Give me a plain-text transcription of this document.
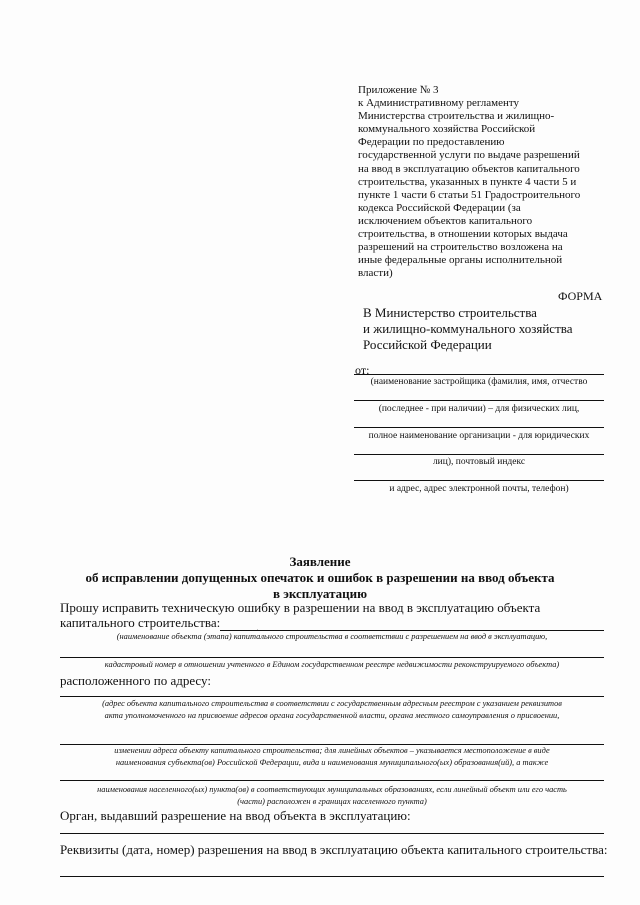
Приложение № 3
к Административному регламенту
Министерства строительства и жилищно-
коммунального хозяйства Российской
Федерации по предоставлению
государственной услуги по выдаче разрешений
на ввод в эксплуатацию объектов капитального
строительства, указанных в пункте 4 части 5 и
пункте 1 части 6 статьи 51 Градостроительного
кодекса Российской Федерации (за
исключением объектов капитального
строительства, в отношении которых выдача
разрешений на строительство возложена на
иные федеральные органы исполнительной
власти)
ФОРМА
В Министерство строительства
и жилищно-коммунального хозяйства
Российской Федерации
от:
(наименование застройщика (фамилия, имя, отчество
(последнее - при наличии) – для физических лиц,
полное наименование организации - для юридических
лиц), почтовый индекс
и адрес, адрес электронной почты, телефон)
Заявление
об исправлении допущенных опечаток и ошибок в разрешении на ввод объекта
в эксплуатацию
Прошу исправить техническую ошибку в разрешении на ввод в эксплуатацию объекта
капитального строительства:	.
(наименование объекта (этапа) капитального строительства в соответствии с разрешением на ввод в эксплуатацию,
кадастровый номер в отношении учтенного в Едином государственном реестре недвижимости реконструируемого объекта)
расположенного по адресу:
(адрес объекта капитального строительства в соответствии с государственным адресным реестром с указанием реквизитов
акта уполномоченного на присвоение адресов органа государственной власти, органа местного самоуправления о присвоении,
изменении адреса объекту капитального строительства; для линейных объектов – указывается местоположение в виде
наименования субъекта(ов) Российской Федерации, вида и наименования муниципального(ых) образования(ий), а также
наименования населенного(ых) пункта(ов) в соответствующих муниципальных образованиях, если линейный объект или его часть
(части) расположен в границах населенного пункта)
Орган, выдавший разрешение на ввод объекта в эксплуатацию:
Реквизиты (дата, номер) разрешения на ввод в эксплуатацию объекта капитального строительства:
